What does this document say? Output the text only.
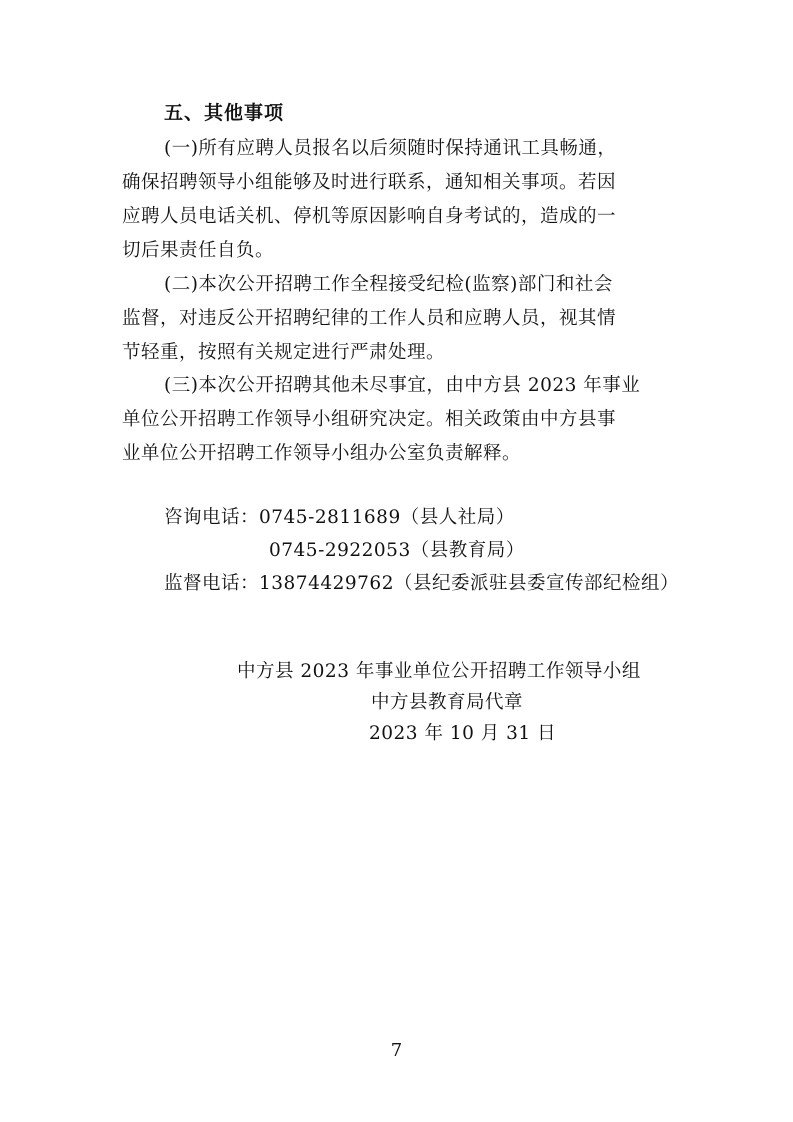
五、其他事项
(一)所有应聘人员报名以后须随时保持通讯工具畅通，
确保招聘领导小组能够及时进行联系，通知相关事项。若因
应聘人员电话关机、停机等原因影响自身考试的，造成的一
切后果责任自负。
(二)本次公开招聘工作全程接受纪检(监察)部门和社会
监督，对违反公开招聘纪律的工作人员和应聘人员，视其情
节轻重，按照有关规定进行严肃处理。
(三)本次公开招聘其他未尽事宜，由中方县 2023 年事业
单位公开招聘工作领导小组研究决定。相关政策由中方县事
业单位公开招聘工作领导小组办公室负责解释。
咨询电话：0745-2811689（县人社局）
0745-2922053（县教育局）
监督电话：13874429762（县纪委派驻县委宣传部纪检组）
中方县 2023 年事业单位公开招聘工作领导小组
中方县教育局代章
2023 年 10 月 31 日
7
